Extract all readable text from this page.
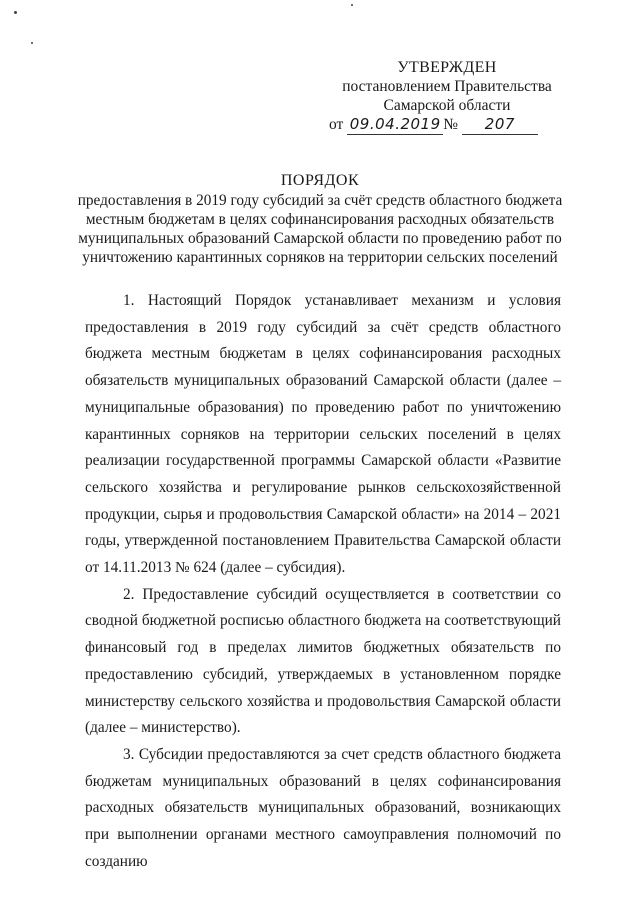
УТВЕРЖДЕН
постановлением Правительства
Самарской области
от 09.04.2019 № 207
ПОРЯДОК
предоставления в 2019 году субсидий за счёт средств областного бюджета местным бюджетам в целях софинансирования расходных обязательств муниципальных образований Самарской области по проведению работ по уничтожению карантинных сорняков на территории сельских поселений

1. Настоящий Порядок устанавливает механизм и условия предоставления в 2019 году субсидий за счёт средств областного бюджета местным бюджетам в целях софинансирования расходных обязательств муниципальных образований Самарской области (далее – муниципальные образования) по проведению работ по уничтожению карантинных сорняков на территории сельских поселений в целях реализации государственной программы Самарской области «Развитие сельского хозяйства и регулирование рынков сельскохозяйственной продукции, сырья и продовольствия Самарской области» на 2014 – 2021 годы, утвержденной постановлением Правительства Самарской области от 14.11.2013 № 624 (далее – субсидия).

2. Предоставление субсидий осуществляется в соответствии со сводной бюджетной росписью областного бюджета на соответствующий финансовый год в пределах лимитов бюджетных обязательств по предоставлению субсидий, утверждаемых в установленном порядке министерству сельского хозяйства и продовольствия Самарской области (далее – министерство).

3. Субсидии предоставляются за счет средств областного бюджета бюджетам муниципальных образований в целях софинансирования расходных обязательств муниципальных образований, возникающих при выполнении органами местного самоуправления полномочий по созданию
